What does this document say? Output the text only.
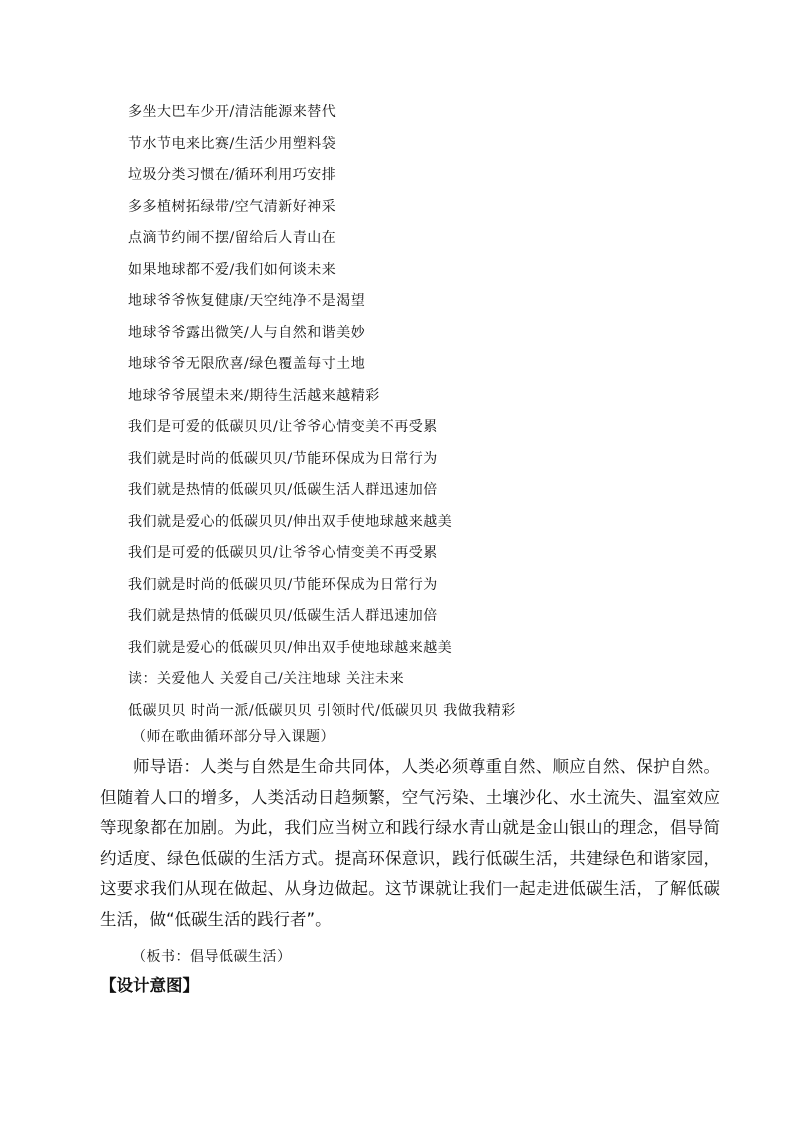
多坐大巴车少开/清洁能源来替代
节水节电来比赛/生活少用塑料袋
垃圾分类习惯在/循环利用巧安排
多多植树拓绿带/空气清新好神采
点滴节约闹不摆/留给后人青山在
如果地球都不爱/我们如何谈未来
地球爷爷恢复健康/天空纯净不是渴望
地球爷爷露出微笑/人与自然和谐美妙
地球爷爷无限欣喜/绿色覆盖每寸土地
地球爷爷展望未来/期待生活越来越精彩
我们是可爱的低碳贝贝/让爷爷心情变美不再受累
我们就是时尚的低碳贝贝/节能环保成为日常行为
我们就是热情的低碳贝贝/低碳生活人群迅速加倍
我们就是爱心的低碳贝贝/伸出双手使地球越来越美
我们是可爱的低碳贝贝/让爷爷心情变美不再受累
我们就是时尚的低碳贝贝/节能环保成为日常行为
我们就是热情的低碳贝贝/低碳生活人群迅速加倍
我们就是爱心的低碳贝贝/伸出双手使地球越来越美
读：关爱他人 关爱自己/关注地球 关注未来
低碳贝贝 时尚一派/低碳贝贝 引领时代/低碳贝贝 我做我精彩
（师在歌曲循环部分导入课题）

师导语：人类与自然是生命共同体，人类必须尊重自然、顺应自然、保护自然。但随着人口的增多，人类活动日趋频繁，空气污染、土壤沙化、水土流失、温室效应等现象都在加剧。为此，我们应当树立和践行绿水青山就是金山银山的理念，倡导简约适度、绿色低碳的生活方式。提高环保意识，践行低碳生活，共建绿色和谐家园，这要求我们从现在做起、从身边做起。这节课就让我们一起走进低碳生活，了解低碳生活，做“低碳生活的践行者”。

（板书：倡导低碳生活）
【设计意图】
